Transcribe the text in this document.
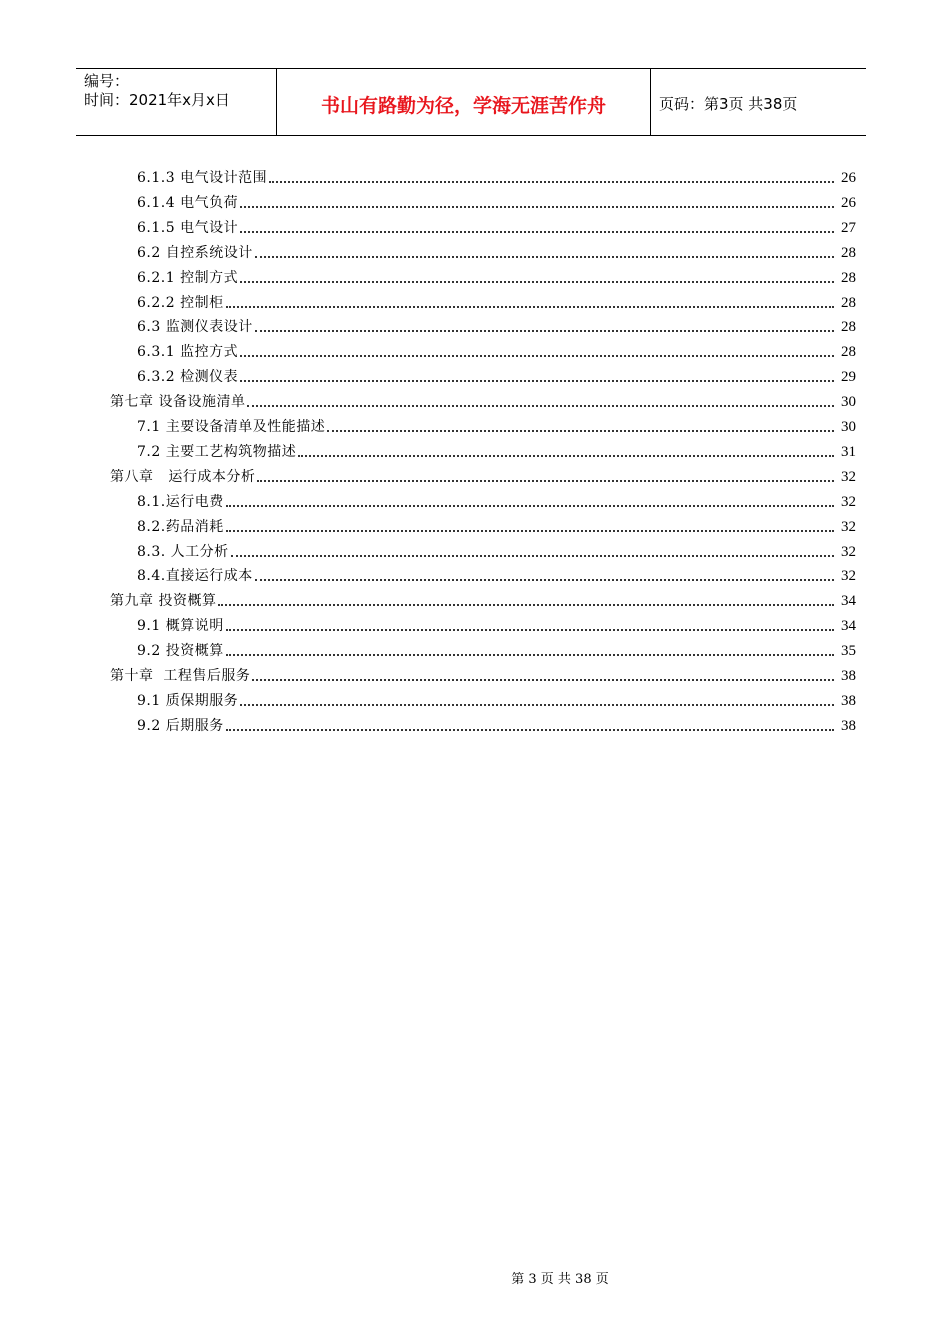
编号：
时间：2021年x月x日	书山有路勤为径，学海无涯苦作舟	页码：第3页 共38页
6.1.3 电气设计范围	26
6.1.4 电气负荷	26
6.1.5 电气设计	27
6.2 自控系统设计	28
6.2.1 控制方式	28
6.2.2 控制柜	28
6.3 监测仪表设计	28
6.3.1 监控方式	28
6.3.2 检测仪表	29
第七章 设备设施清单	30
7.1 主要设备清单及性能描述	30
7.2 主要工艺构筑物描述	31
第八章   运行成本分析	32
8.1.运行电费	32
8.2.药品消耗	32
8.3. 人工分析	32
8.4.直接运行成本	32
第九章 投资概算	34
9.1 概算说明	34
9.2 投资概算	35
第十章  工程售后服务	38
9.1 质保期服务	38
9.2 后期服务	38
第 3 页 共 38 页
